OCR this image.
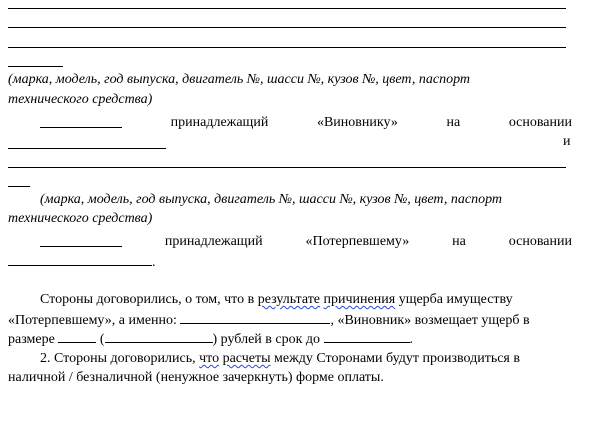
(марка, модель, год выпуска, двигатель №, шасси №, кузов №, цвет, паспорт
технического средства)
принадлежащий	«Виновнику»	на	основании
и
(марка, модель, год выпуска, двигатель №, шасси №, кузов №, цвет, паспорт
технического средства)
принадлежащий	«Потерпевшему»	на	основании
.
Стороны договорились, о том, что в результате причинения ущерба имуществу
«Потерпевшему», а именно:	, «Виновник» возмещает ущерб в
размере	(	) рублей в срок до	.
2. Стороны договорились, что расчеты между Сторонами будут производиться в
наличной / безналичной (ненужное зачеркнуть) форме оплаты.
